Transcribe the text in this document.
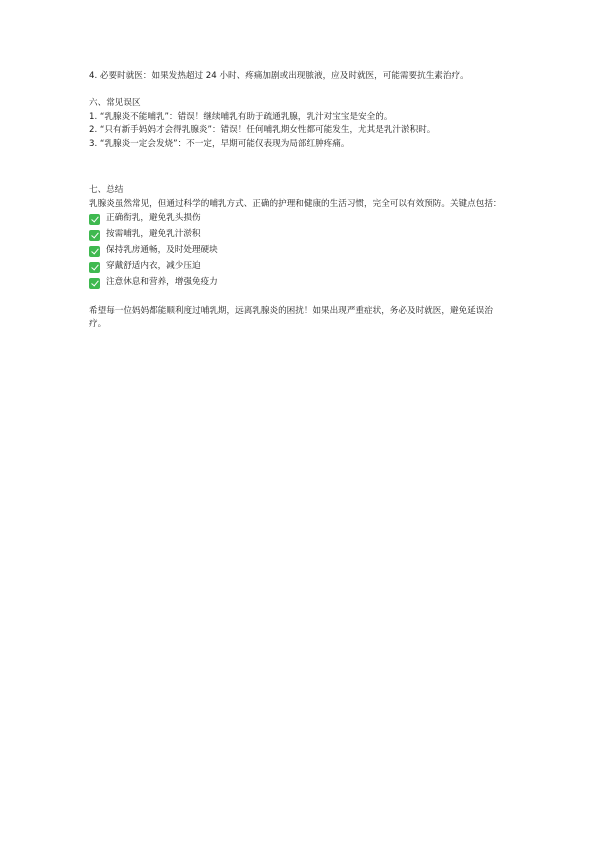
4. 必要时就医：如果发热超过 24 小时、疼痛加剧或出现脓液，应及时就医，可能需要抗生素治疗。

六、常见误区

1. “乳腺炎不能哺乳”：错误！继续哺乳有助于疏通乳腺，乳汁对宝宝是安全的。

2. “只有新手妈妈才会得乳腺炎”：错误！任何哺乳期女性都可能发生，尤其是乳汁淤积时。

3. “乳腺炎一定会发烧”：不一定，早期可能仅表现为局部红肿疼痛。

七、总结

乳腺炎虽然常见，但通过科学的哺乳方式、正确的护理和健康的生活习惯，完全可以有效预防。关键点包括：

正确衔乳，避免乳头损伤
按需哺乳，避免乳汁淤积
保持乳房通畅，及时处理硬块
穿戴舒适内衣，减少压迫
注意休息和营养，增强免疫力

希望每一位妈妈都能顺利度过哺乳期，远离乳腺炎的困扰！如果出现严重症状，务必及时就医，避免延误治疗。
